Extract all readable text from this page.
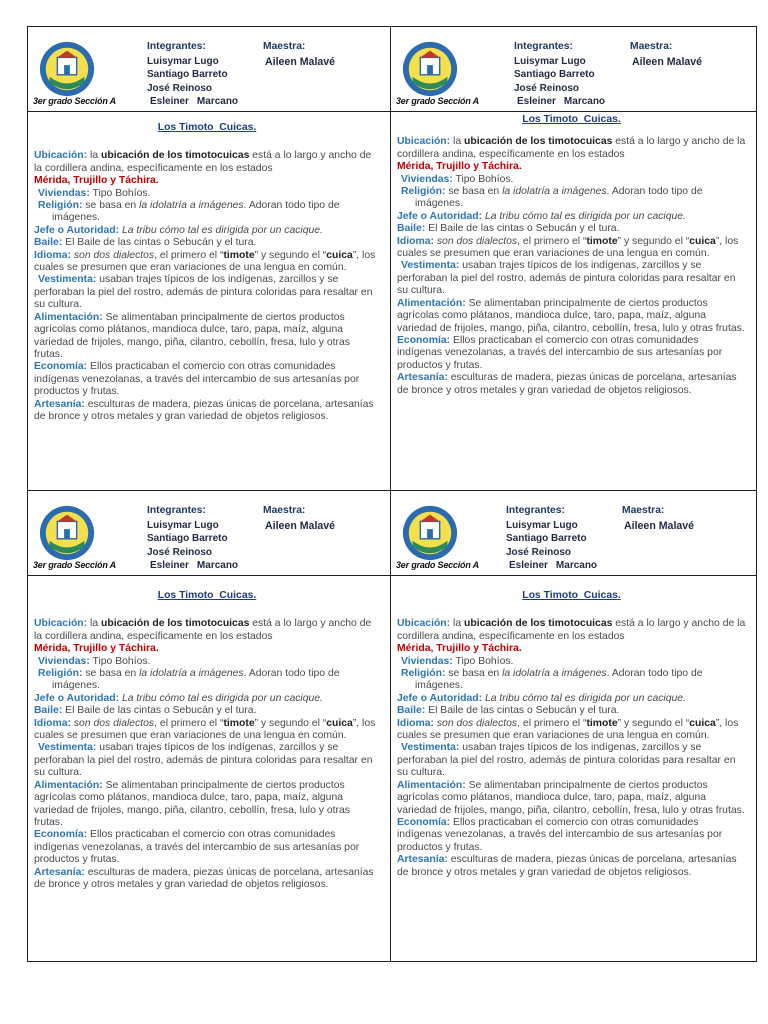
3er grado Sección A
Integrantes:	Maestra:
Aileen Malavé
Luisymar Lugo
Santiago Barreto
José Reinoso
Esleiner Marcano

Los Timoto_Cuicas.

Ubicación: la ubicación de los timotocuicas está a lo largo y ancho de la cordillera andina, específicamente en los estados

Mérida, Trujillo y Táchira.

Viviendas: Tipo Bohíos.

Religión: se basa en la idolatría a imágenes. Adoran todo tipo de

imágenes.

Jefe o Autoridad: La tribu cómo tal es dirigida por un cacique.

Baile: El Baile de las cintas o Sebucán y el tura.

Idioma: son dos dialectos, el primero el “timote” y segundo el “cuica”, los cuales se presumen que eran variaciones de una lengua en común.

Vestimenta: usaban trajes típicos de los indígenas, zarcillos y se perforaban la piel del rostro, además de pintura coloridas para resaltar en su cultura.

Alimentación: Se alimentaban principalmente de ciertos productos agrícolas como plátanos, mandioca dulce, taro, papa, maíz, alguna variedad de frijoles, mango, piña, cilantro, cebollín, fresa, lulo y otras frutas.

Economía: Ellos practicaban el comercio con otras comunidades indígenas venezolanas, a través del intercambio de sus artesanías por productos y frutas.

Artesanía: esculturas de madera, piezas únicas de porcelana, artesanías de bronce y otros metales y gran variedad de objetos religiosos.

3er grado Sección A
Integrantes:	Maestra:
Aileen Malavé
Luisymar Lugo
Santiago Barreto
José Reinoso
Esleiner Marcano

Los Timoto_Cuicas.

Ubicación: la ubicación de los timotocuicas está a lo largo y ancho de la cordillera andina, específicamente en los estados

Mérida, Trujillo y Táchira.

Viviendas: Tipo Bohíos.

Religión: se basa en la idolatría a imágenes. Adoran todo tipo de

imágenes.

Jefe o Autoridad: La tribu cómo tal es dirigida por un cacique.

Baile: El Baile de las cintas o Sebucán y el tura.

Idioma: son dos dialectos, el primero el “timote” y segundo el “cuica”, los cuales se presumen que eran variaciones de una lengua en común.

Vestimenta: usaban trajes típicos de los indígenas, zarcillos y se perforaban la piel del rostro, además de pintura coloridas para resaltar en su cultura.

Alimentación: Se alimentaban principalmente de ciertos productos agrícolas como plátanos, mandioca dulce, taro, papa, maíz, alguna variedad de frijoles, mango, piña, cilantro, cebollín, fresa, lulo y otras frutas.

Economía: Ellos practicaban el comercio con otras comunidades indígenas venezolanas, a través del intercambio de sus artesanías por productos y frutas.

Artesanía: esculturas de madera, piezas únicas de porcelana, artesanías de bronce y otros metales y gran variedad de objetos religiosos.

3er grado Sección A
Integrantes:	Maestra:
Aileen Malavé
Luisymar Lugo
Santiago Barreto
José Reinoso
Esleiner Marcano

Los Timoto_Cuicas.

Ubicación: la ubicación de los timotocuicas está a lo largo y ancho de la cordillera andina, específicamente en los estados

Mérida, Trujillo y Táchira.

Viviendas: Tipo Bohíos.

Religión: se basa en la idolatría a imágenes. Adoran todo tipo de

imágenes.

Jefe o Autoridad: La tribu cómo tal es dirigida por un cacique.

Baile: El Baile de las cintas o Sebucán y el tura.

Idioma: son dos dialectos, el primero el “timote” y segundo el “cuica”, los cuales se presumen que eran variaciones de una lengua en común.

Vestimenta: usaban trajes típicos de los indígenas, zarcillos y se perforaban la piel del rostro, además de pintura coloridas para resaltar en su cultura.

Alimentación: Se alimentaban principalmente de ciertos productos agrícolas como plátanos, mandioca dulce, taro, papa, maíz, alguna variedad de frijoles, mango, piña, cilantro, cebollín, fresa, lulo y otras frutas.

Economía: Ellos practicaban el comercio con otras comunidades indígenas venezolanas, a través del intercambio de sus artesanías por productos y frutas.

Artesanía: esculturas de madera, piezas únicas de porcelana, artesanías de bronce y otros metales y gran variedad de objetos religiosos.

3er grado Sección A
Integrantes:	Maestra:
Aileen Malavé
Luisymar Lugo
Santiago Barreto
José Reinoso
Esleiner Marcano

Los Timoto_Cuicas.

Ubicación: la ubicación de los timotocuicas está a lo largo y ancho de la cordillera andina, específicamente en los estados

Mérida, Trujillo y Táchira.

Viviendas: Tipo Bohíos.

Religión: se basa en la idolatría a imágenes. Adoran todo tipo de

imágenes.

Jefe o Autoridad: La tribu cómo tal es dirigida por un cacique.

Baile: El Baile de las cintas o Sebucán y el tura.

Idioma: son dos dialectos, el primero el “timote” y segundo el “cuica”, los cuales se presumen que eran variaciones de una lengua en común.

Vestimenta: usaban trajes típicos de los indígenas, zarcillos y se perforaban la piel del rostro, además de pintura coloridas para resaltar en su cultura.

Alimentación: Se alimentaban principalmente de ciertos productos agrícolas como plátanos, mandioca dulce, taro, papa, maíz, alguna variedad de frijoles, mango, piña, cilantro, cebollín, fresa, lulo y otras frutas.

Economía: Ellos practicaban el comercio con otras comunidades indígenas venezolanas, a través del intercambio de sus artesanías por productos y frutas.

Artesanía: esculturas de madera, piezas únicas de porcelana, artesanías de bronce y otros metales y gran variedad de objetos religiosos.
